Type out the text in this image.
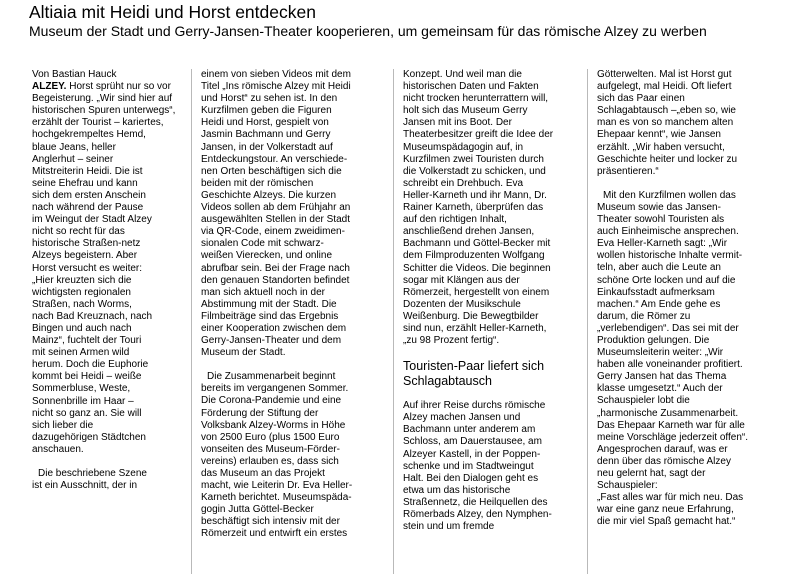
Altiaia mit Heidi und Horst entdecken
Museum der Stadt und Gerry-Jansen-Theater kooperieren, um gemeinsam für das römische Alzey zu werben

Von Bastian Hauck
ALZEY. Horst sprüht nur so vor
Begeisterung. „Wir sind hier auf
historischen Spuren unterwegs“,
erzählt der Tourist – kariertes,
hochgekrempeltes Hemd,
blaue Jeans, heller
Anglerhut – seiner
Mitstreiterin Heidi. Die ist
seine Ehefrau und kann
sich dem ersten Anschein
nach während der Pause
im Weingut der Stadt Alzey
nicht so recht für das
historische Straßen-netz
Alzeys begeistern. Aber
Horst versucht es weiter:
„Hier kreuzten sich die
wichtigsten regionalen
Straßen, nach Worms,
nach Bad Kreuznach, nach
Bingen und auch nach
Mainz“, fuchtelt der Touri
mit seinen Armen wild
herum. Doch die Euphorie
kommt bei Heidi – weiße
Sommerbluse, Weste,
Sonnenbrille im Haar –
nicht so ganz an. Sie will
sich lieber die
dazugehörigen Städtchen
anschauen.

Die beschriebene Szene
ist ein Ausschnitt, der in

einem von sieben Videos mit dem
Titel „Ins römische Alzey mit Heidi
und Horst“ zu sehen ist. In den
Kurzfilmen geben die Figuren
Heidi und Horst, gespielt von
Jasmin Bachmann und Gerry
Jansen, in der Volkerstadt auf
Entdeckungstour. An verschiede-
nen Orten beschäftigen sich die
beiden mit der römischen
Geschichte Alzeys. Die kurzen
Videos sollen ab dem Frühjahr an
ausgewählten Stellen in der Stadt
via QR-Code, einem zweidimen-
sionalen Code mit schwarz-
weißen Vierecken, und online
abrufbar sein. Bei der Frage nach
den genauen Standorten befindet
man sich aktuell noch in der
Abstimmung mit der Stadt. Die
Filmbeiträge sind das Ergebnis
einer Kooperation zwischen dem
Gerry-Jansen-Theater und dem
Museum der Stadt.

Die Zusammenarbeit beginnt
bereits im vergangenen Sommer.
Die Corona-Pandemie und eine
Förderung der Stiftung der
Volksbank Alzey-Worms in Höhe
von 2500 Euro (plus 1500 Euro
vonseiten des Museum-Förder-
vereins) erlauben es, dass sich
das Museum an das Projekt
macht, wie Leiterin Dr. Eva Heller-
Karneth berichtet. Museumspäda-
gogin Jutta Göttel-Becker
beschäftigt sich intensiv mit der
Römerzeit und entwirft ein erstes

Konzept. Und weil man die
historischen Daten und Fakten
nicht trocken herunterrattern will,
holt sich das Museum Gerry
Jansen mit ins Boot. Der
Theaterbesitzer greift die Idee der
Museumspädagogin auf, in
Kurzfilmen zwei Touristen durch
die Volkerstadt zu schicken, und
schreibt ein Drehbuch. Eva
Heller-Karneth und ihr Mann, Dr.
Rainer Karneth, überprüfen das
auf den richtigen Inhalt,
anschließend drehen Jansen,
Bachmann und Göttel-Becker mit
dem Filmproduzenten Wolfgang
Schitter die Videos. Die beginnen
sogar mit Klängen aus der
Römerzeit, hergestellt von einem
Dozenten der Musikschule
Weißenburg. Die Bewegtbilder
sind nun, erzählt Heller-Karneth,
„zu 98 Prozent fertig“.

Touristen-Paar liefert sich
Schlagabtausch

Auf ihrer Reise durchs römische
Alzey machen Jansen und
Bachmann unter anderem am
Schloss, am Dauerstausee, am
Alzeyer Kastell, in der Poppen-
schenke und im Stadtweingut
Halt. Bei den Dialogen geht es
etwa um das historische
Straßennetz, die Heilquellen des
Römerbads Alzey, den Nymphen-
stein und um fremde

Götterwelten. Mal ist Horst gut
aufgelegt, mal Heidi. Oft liefert
sich das Paar einen
Schlagabtausch –„eben so, wie
man es von so manchem alten
Ehepaar kennt“, wie Jansen
erzählt. „Wir haben versucht,
Geschichte heiter und locker zu
präsentieren.“

Mit den Kurzfilmen wollen das
Museum sowie das Jansen-
Theater sowohl Touristen als
auch Einheimische ansprechen.
Eva Heller-Karneth sagt: „Wir
wollen historische Inhalte vermit-
teln, aber auch die Leute an
schöne Orte locken und auf die
Einkaufsstadt aufmerksam
machen.“ Am Ende gehe es
darum, die Römer zu
„verlebendigen“. Das sei mit der
Produktion gelungen. Die
Museumsleiterin weiter: „Wir
haben alle voneinander profitiert.
Gerry Jansen hat das Thema
klasse umgesetzt.“ Auch der
Schauspieler lobt die
„harmonische Zusammenarbeit.
Das Ehepaar Karneth war für alle
meine Vorschläge jederzeit offen“.
Angesprochen darauf, was er
denn über das römische Alzey
neu gelernt hat, sagt der
Schauspieler:
„Fast alles war für mich neu. Das
war eine ganz neue Erfahrung,
die mir viel Spaß gemacht hat.“
